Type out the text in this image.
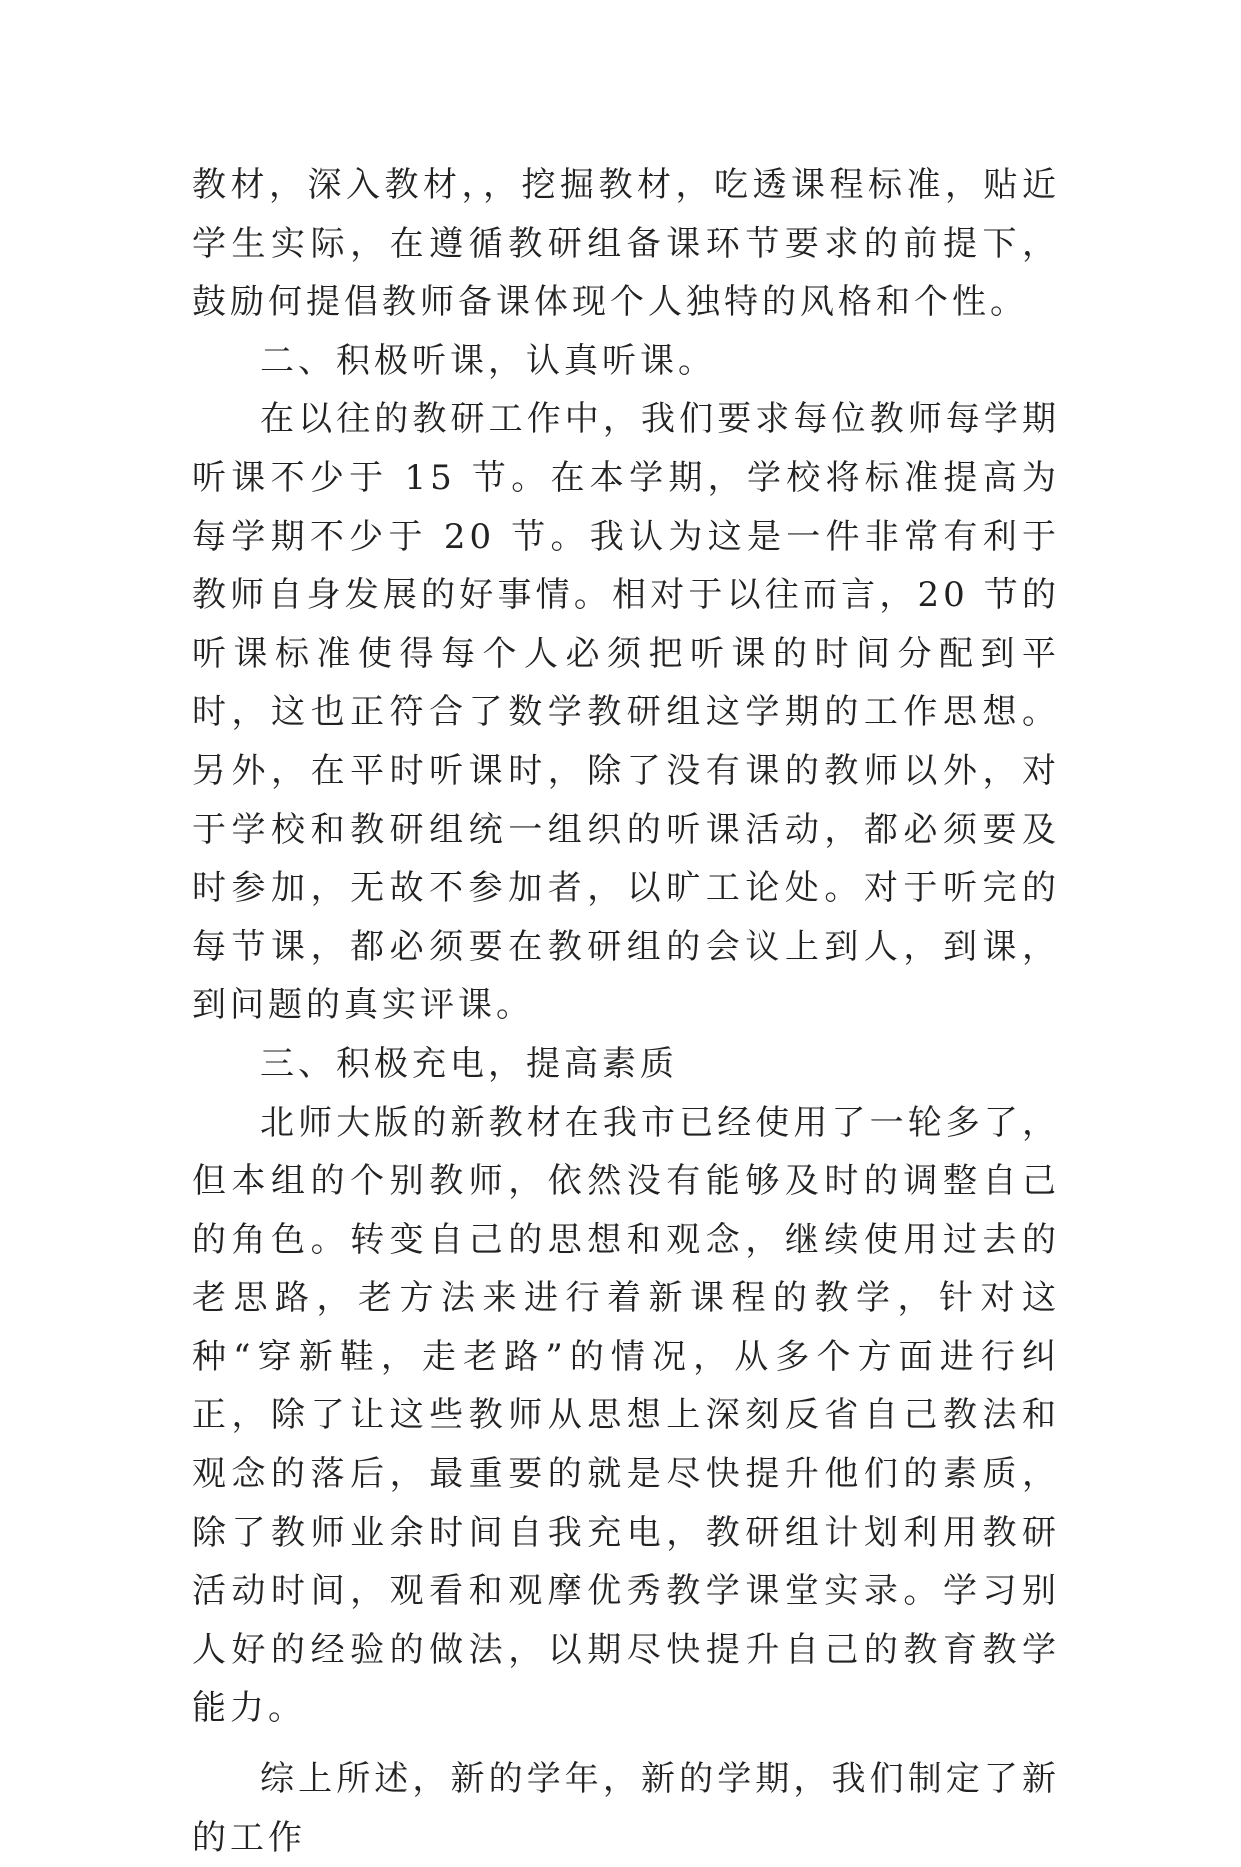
教材，深入教材，，挖掘教材，吃透课程标准，贴近学生实际，在遵循教研组备课环节要求的前提下，鼓励何提倡教师备课体现个人独特的风格和个性。

二、积极听课，认真听课。

在以往的教研工作中，我们要求每位教师每学期听课不少于 15 节。在本学期，学校将标准提高为每学期不少于 20 节。我认为这是一件非常有利于教师自身发展的好事情。相对于以往而言，20 节的听课标准使得每个人必须把听课的时间分配到平时，这也正符合了数学教研组这学期的工作思想。另外，在平时听课时，除了没有课的教师以外，对于学校和教研组统一组织的听课活动，都必须要及时参加，无故不参加者，以旷工论处。对于听完的每节课，都必须要在教研组的会议上到人，到课，到问题的真实评课。

三、积极充电，提高素质

北师大版的新教材在我市已经使用了一轮多了，但本组的个别教师，依然没有能够及时的调整自己的角色。转变自己的思想和观念，继续使用过去的老思路，老方法来进行着新课程的教学，针对这种“穿新鞋，走老路”的情况，从多个方面进行纠正，除了让这些教师从思想上深刻反省自己教法和观念的落后，最重要的就是尽快提升他们的素质，除了教师业余时间自我充电，教研组计划利用教研活动时间，观看和观摩优秀教学课堂实录。学习别人好的经验的做法，以期尽快提升自己的教育教学能力。

综上所述，新的学年，新的学期，我们制定了新的工作
